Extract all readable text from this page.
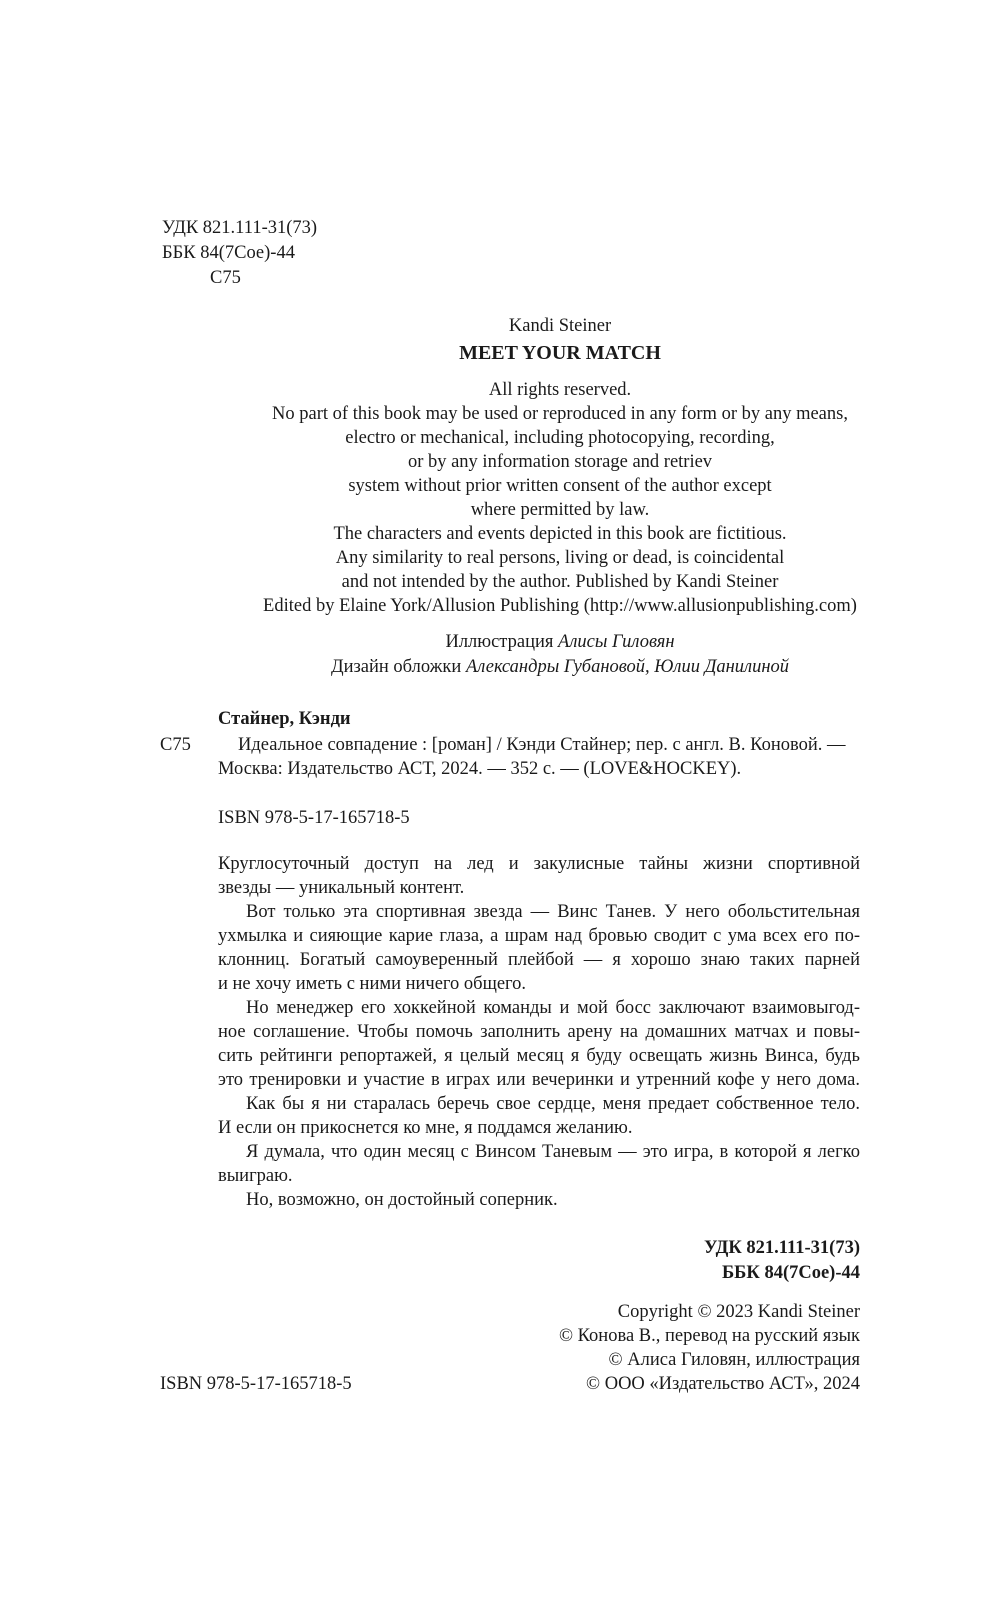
УДК 821.111-31(73)
ББК 84(7Сое)-44
С75
Kandi Steiner
MEET YOUR MATCH
All rights reserved.
No part of this book may be used or reproduced in any form or by any means,
electro or mechanical, including photocopying, recording,
or by any information storage and retriev
system without prior written consent of the author except
where permitted by law.
The characters and events depicted in this book are fictitious.
Any similarity to real persons, living or dead, is coincidental
and not intended by the author. Published by Kandi Steiner
Edited by Elaine York/Allusion Publishing (http://www.allusionpublishing.com)
Иллюстрация Алисы Гиловян
Дизайн обложки Александры Губановой, Юлии Данилиной
Стайнер, Кэнди
С75	Идеальное совпадение : [роман] / Кэнди Стайнер; пер. с англ. В. Коновой. —
Москва: Издательство АСТ, 2024. — 352 с. — (LOVE&HOCKEY).
ISBN 978-5-17-165718-5
Круглосуточный доступ на лед и закулисные тайны жизни спортивной
звезды — уникальный контент.
Вот только эта спортивная звезда — Винс Танев. У него обольстительная
ухмылка и сияющие карие глаза, а шрам над бровью сводит с ума всех его по-
клонниц. Богатый самоуверенный плейбой — я хорошо знаю таких парней
и не хочу иметь с ними ничего общего.
Но менеджер его хоккейной команды и мой босс заключают взаимовыгод-
ное соглашение. Чтобы помочь заполнить арену на домашних матчах и повы-
сить рейтинги репортажей, я целый месяц я буду освещать жизнь Винса, будь
это тренировки и участие в играх или вечеринки и утренний кофе у него дома.
Как бы я ни старалась беречь свое сердце, меня предает собственное тело.
И если он прикоснется ко мне, я поддамся желанию.
Я думала, что один месяц с Винсом Таневым — это игра, в которой я легко
выиграю.
Но, возможно, он достойный соперник.
УДК 821.111-31(73)
ББК 84(7Сое)-44
Copyright © 2023 Kandi Steiner
© Конова В., перевод на русский язык
© Алиса Гиловян, иллюстрация
© ООО «Издательство АСТ», 2024
ISBN 978-5-17-165718-5
